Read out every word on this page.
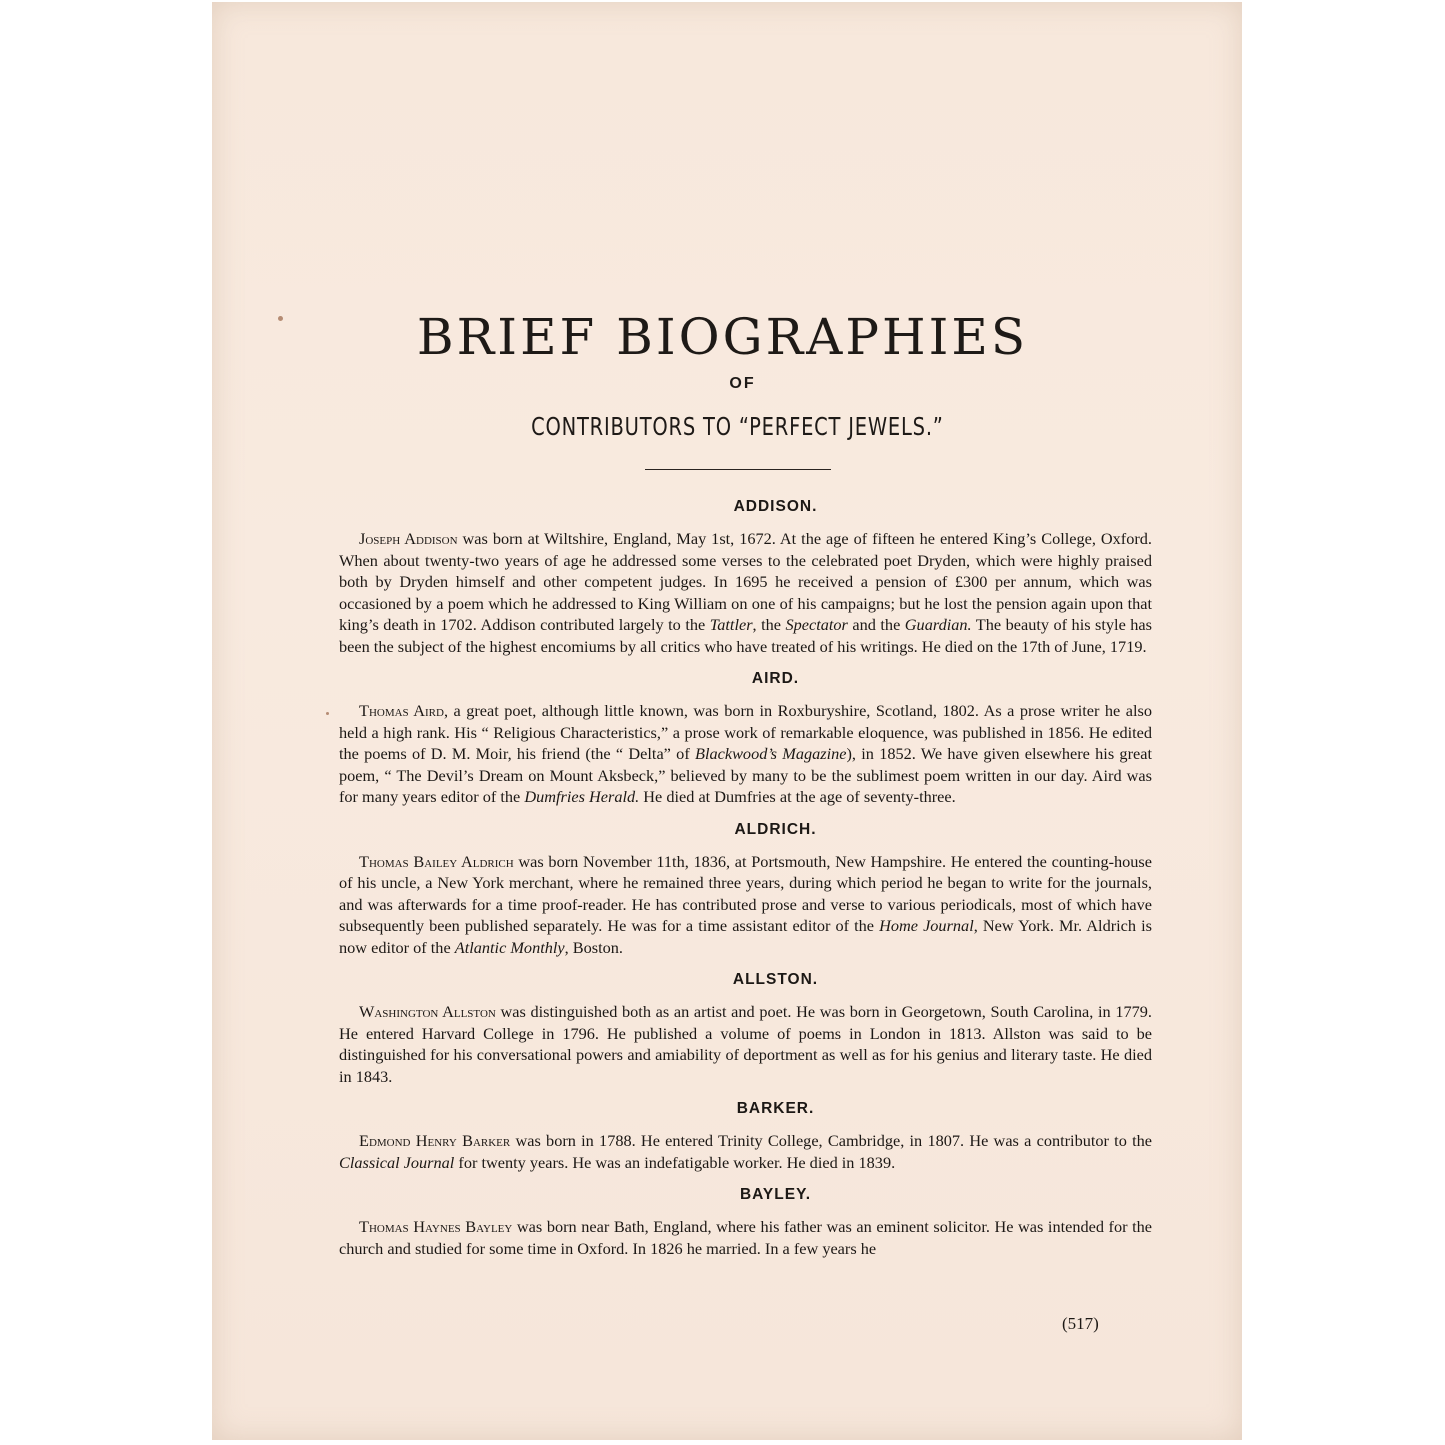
BRIEF BIOGRAPHIES
OF
CONTRIBUTORS TO “PERFECT JEWELS.”
ADDISON.

Joseph Addison was born at Wiltshire, England, May 1st, 1672. At the age of fifteen he entered King’s College, Oxford. When about twenty-two years of age he addressed some verses to the celebrated poet Dryden, which were highly praised both by Dryden himself and other competent judges. In 1695 he received a pension of £300 per annum, which was occasioned by a poem which he addressed to King William on one of his campaigns; but he lost the pension again upon that king’s death in 1702. Addison contributed largely to the Tattler, the Spectator and the Guardian. The beauty of his style has been the subject of the highest encomiums by all critics who have treated of his writings. He died on the 17th of June, 1719.

AIRD.

Thomas Aird, a great poet, although little known, was born in Roxburyshire, Scotland, 1802. As a prose writer he also held a high rank. His “ Religious Characteristics,” a prose work of remarkable eloquence, was published in 1856. He edited the poems of D. M. Moir, his friend (the “ Delta” of Blackwood’s Magazine), in 1852. We have given elsewhere his great poem, “ The Devil’s Dream on Mount Aksbeck,” believed by many to be the sublimest poem written in our day. Aird was for many years editor of the Dumfries Herald. He died at Dumfries at the age of seventy-three.

ALDRICH.

Thomas Bailey Aldrich was born November 11th, 1836, at Portsmouth, New Hampshire. He entered the counting-house of his uncle, a New York merchant, where he remained three years, during which period he began to write for the journals, and was afterwards for a time proof-reader. He has contributed prose and verse to various periodicals, most of which have subsequently been published separately. He was for a time assistant editor of the Home Journal, New York. Mr. Aldrich is now editor of the Atlantic Monthly, Boston.

ALLSTON.

Washington Allston was distinguished both as an artist and poet. He was born in Georgetown, South Carolina, in 1779. He entered Harvard College in 1796. He published a volume of poems in London in 1813. Allston was said to be distinguished for his conversational powers and amiability of deportment as well as for his genius and literary taste. He died in 1843.

BARKER.

Edmond Henry Barker was born in 1788. He entered Trinity College, Cambridge, in 1807. He was a contributor to the Classical Journal for twenty years. He was an indefatigable worker. He died in 1839.

BAYLEY.

Thomas Haynes Bayley was born near Bath, England, where his father was an eminent solicitor. He was intended for the church and studied for some time in Oxford. In 1826 he married. In a few years he

(517)
